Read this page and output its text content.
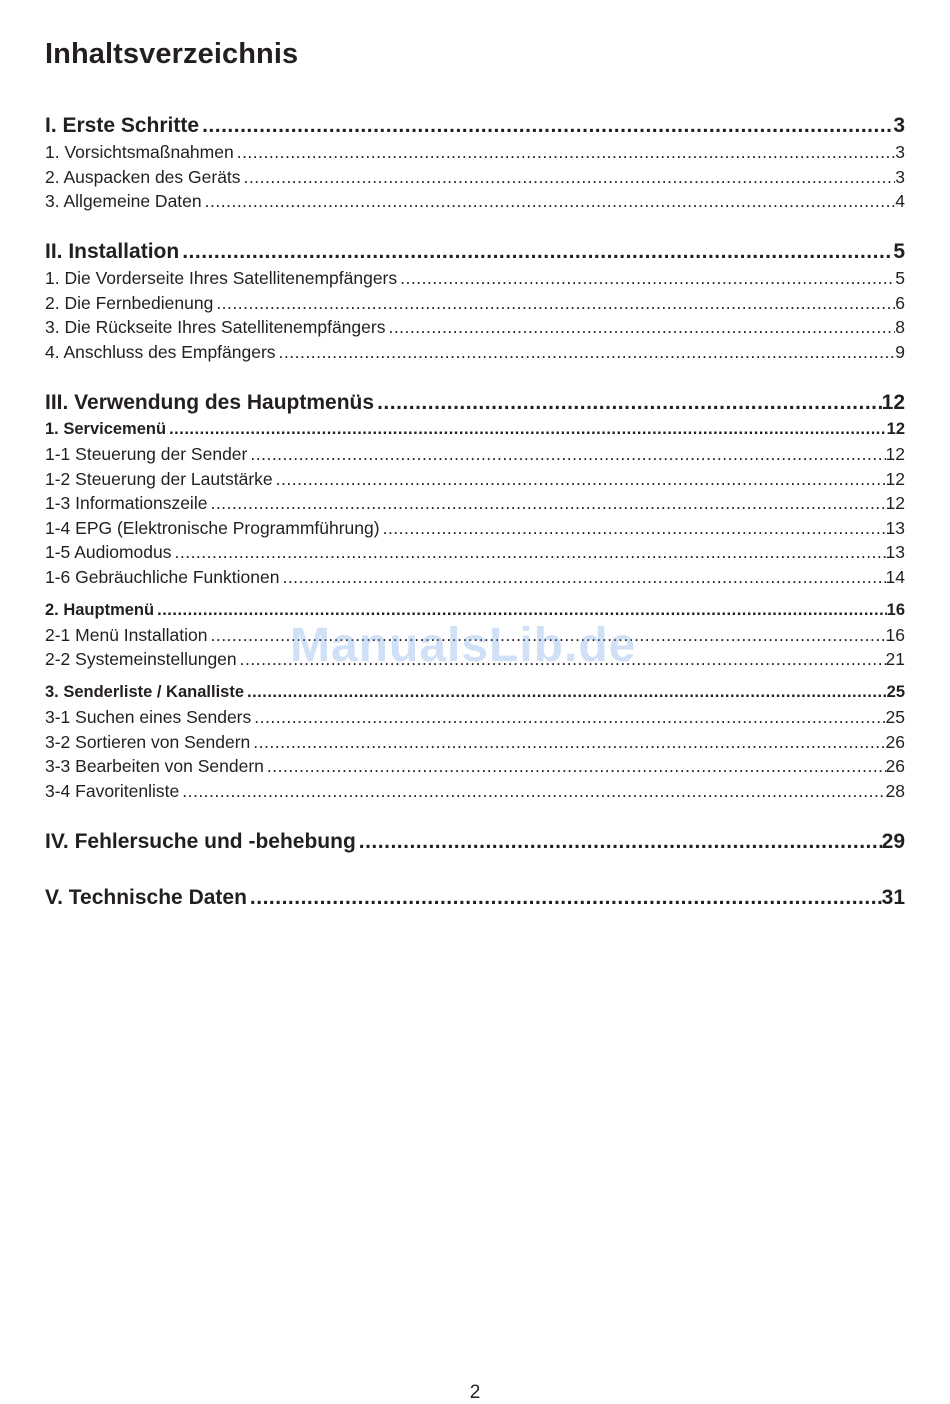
Inhaltsverzeichnis
I. Erste Schritte .....	3
1. Vorsichtsmaßnahmen .....	3
2. Auspacken des Geräts .....	3
3. Allgemeine Daten .....	4
II. Installation .....	5
1. Die Vorderseite Ihres Satellitenempfängers .....	5
2. Die Fernbedienung .....	6
3. Die Rückseite Ihres Satellitenempfängers .....	8
4. Anschluss des Empfängers .....	9
III. Verwendung des Hauptmenüs .....	12
1. Servicemenü .....	12
1-1 Steuerung der Sender .....	12
1-2 Steuerung der Lautstärke .....	12
1-3 Informationszeile .....	12
1-4 EPG (Elektronische Programmführung) .....	13
1-5 Audiomodus .....	13
1-6 Gebräuchliche Funktionen .....	14
2. Hauptmenü .....	16
2-1 Menü Installation .....	16
2-2 Systemeinstellungen .....	21
3. Senderliste / Kanalliste .....	25
3-1 Suchen eines Senders .....	25
3-2 Sortieren von Sendern .....	26
3-3 Bearbeiten von Sendern .....	26
3-4 Favoritenliste .....	28
IV. Fehlersuche und -behebung .....	29
V. Technische Daten .....	31
ManualsLib.de
2
